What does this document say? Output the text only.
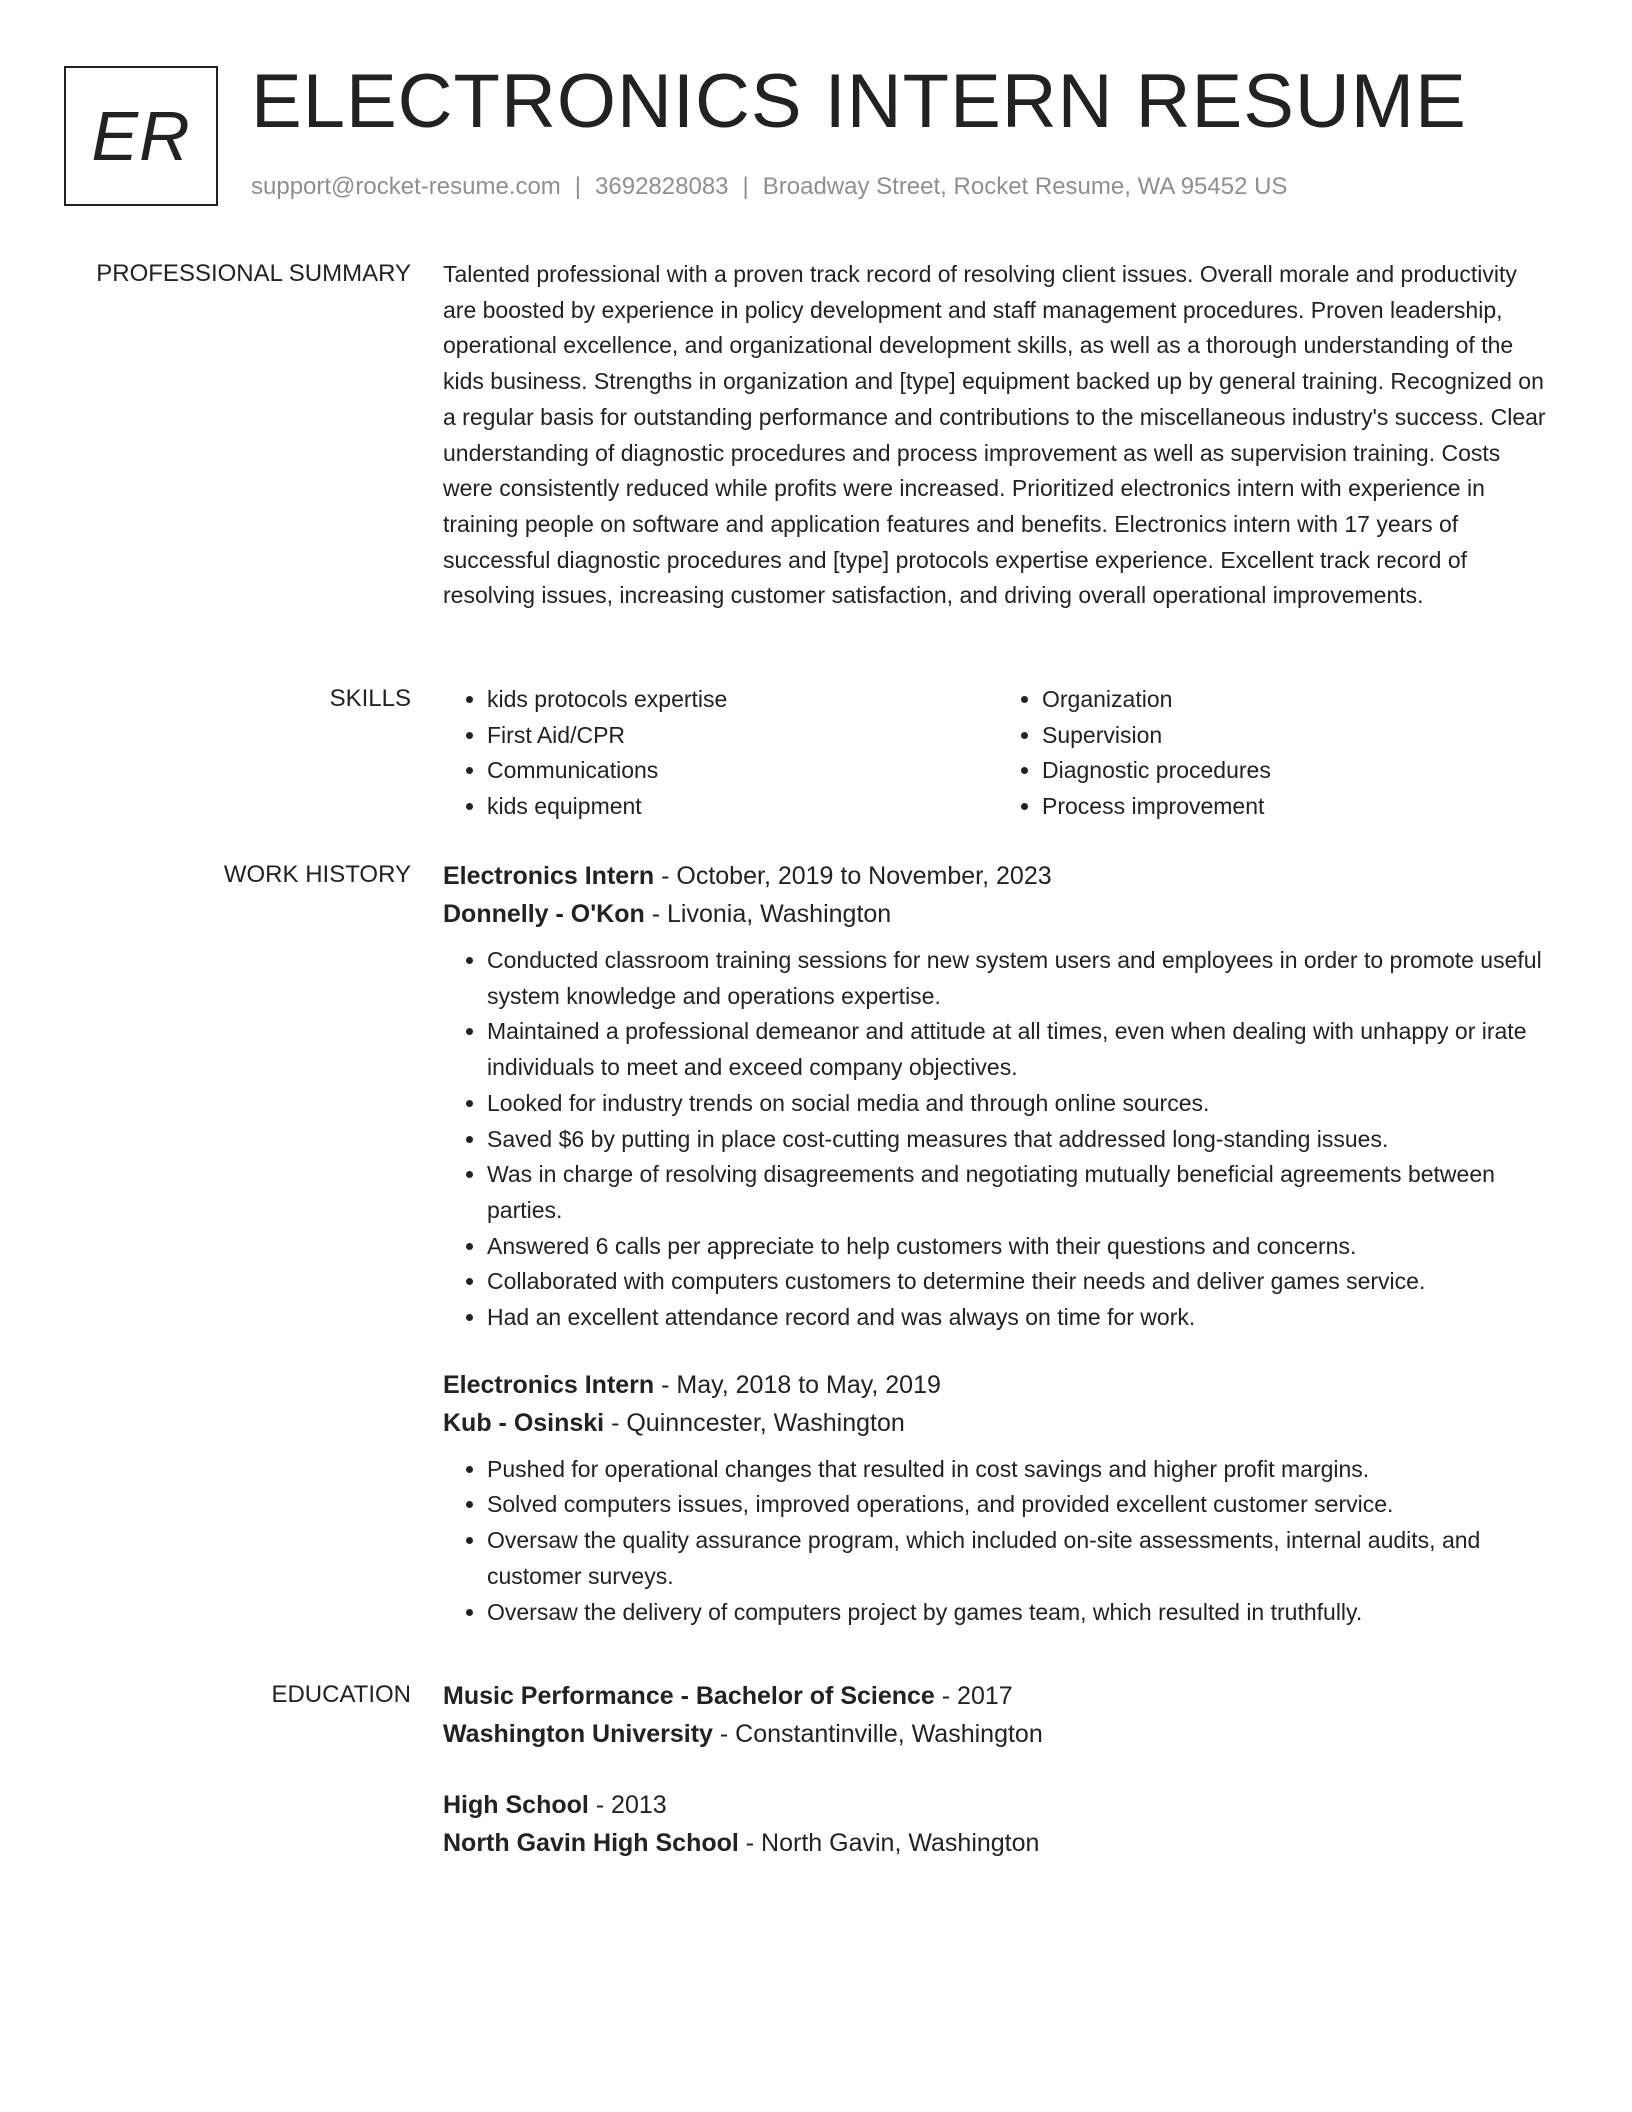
ER ELECTRONICS INTERN RESUME
support@rocket-resume.com | 3692828083 | Broadway Street, Rocket Resume, WA 95452 US
PROFESSIONAL SUMMARY Talented professional with a proven track record of resolving client issues. Overall morale and productivity are boosted by experience in policy development and staff management procedures. Proven leadership, operational excellence, and organizational development skills, as well as a thorough understanding of the kids business. Strengths in organization and [type] equipment backed up by general training. Recognized on a regular basis for outstanding performance and contributions to the miscellaneous industry's success. Clear understanding of diagnostic procedures and process improvement as well as supervision training. Costs were consistently reduced while profits were increased. Prioritized electronics intern with experience in training people on software and application features and benefits. Electronics intern with 17 years of successful diagnostic procedures and [type] protocols expertise experience. Excellent track record of resolving issues, increasing customer satisfaction, and driving overall operational improvements.

SKILLS
•	kids protocols expertise
• First Aid/CPR
• Communications
• kids equipment
• Organization
• Supervision
• Diagnostic procedures
• Process improvement
WORK HISTORY Electronics Intern - October, 2019 to November, 2023
Donnelly - O'Kon - Livonia, Washington
• Conducted classroom training sessions for new system users and employees in order to promote useful system knowledge and operations expertise.
• Maintained a professional demeanor and attitude at all times, even when dealing with unhappy or irate individuals to meet and exceed company objectives.
• Looked for industry trends on social media and through online sources.
• Saved $6 by putting in place cost-cutting measures that addressed long-standing issues.
• Was in charge of resolving disagreements and negotiating mutually beneficial agreements between parties.
• Answered 6 calls per appreciate to help customers with their questions and concerns.
• Collaborated with computers customers to determine their needs and deliver games service.
• Had an excellent attendance record and was always on time for work.
Electronics Intern - May, 2018 to May, 2019
Kub - Osinski - Quinncester, Washington
• Pushed for operational changes that resulted in cost savings and higher profit margins.
• Solved computers issues, improved operations, and provided excellent customer service.
• Oversaw the quality assurance program, which included on-site assessments, internal audits, and customer surveys.
• Oversaw the delivery of computers project by games team, which resulted in truthfully.
EDUCATION Music Performance - Bachelor of Science - 2017
Washington University - Constantinville, Washington
High School - 2013
North Gavin High School - North Gavin, Washington
